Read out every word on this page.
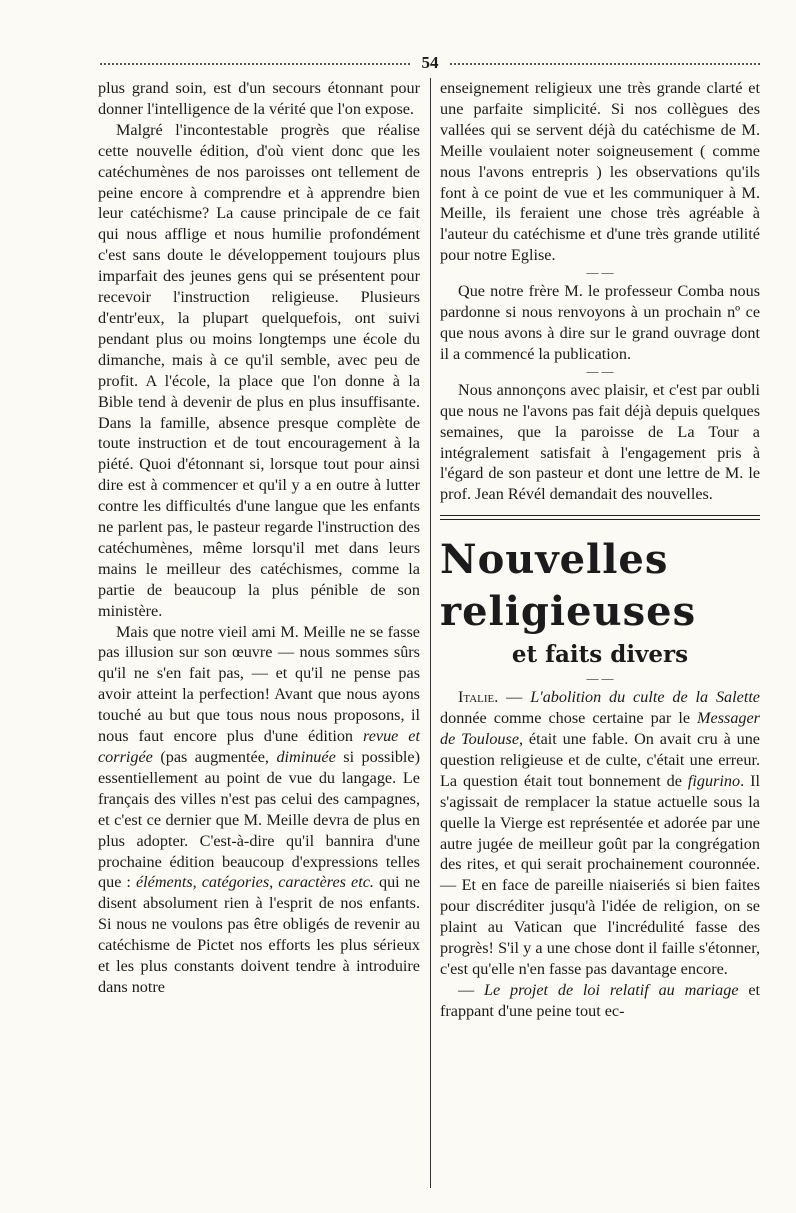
54

plus grand soin, est d'un secours étonnant pour donner l'intelligence de la vérité que l'on expose.

Malgré l'incontestable progrès que réalise cette nouvelle édition, d'où vient donc que les catéchumènes de nos paroisses ont tellement de peine encore à comprendre et à apprendre bien leur catéchisme? La cause principale de ce fait qui nous afflige et nous humilie profondément c'est sans doute le développement toujours plus imparfait des jeunes gens qui se présentent pour recevoir l'instruction religieuse. Plusieurs d'entr'eux, la plupart quelquefois, ont suivi pendant plus ou moins longtemps une école du dimanche, mais à ce qu'il semble, avec peu de profit. A l'école, la place que l'on donne à la Bible tend à devenir de plus en plus insuffisante. Dans la famille, absence presque complète de toute instruction et de tout encouragement à la piété. Quoi d'étonnant si, lorsque tout pour ainsi dire est à commencer et qu'il y a en outre à lutter contre les difficultés d'une langue que les enfants ne parlent pas, le pasteur regarde l'instruction des catéchumènes, même lorsqu'il met dans leurs mains le meilleur des catéchismes, comme la partie de beaucoup la plus pénible de son ministère.

Mais que notre vieil ami M. Meille ne se fasse pas illusion sur son œuvre — nous sommes sûrs qu'il ne s'en fait pas, — et qu'il ne pense pas avoir atteint la perfection! Avant que nous ayons touché au but que tous nous nous proposons, il nous faut encore plus d'une édition revue et corrigée (pas augmentée, diminuée si possible) essentiellement au point de vue du langage. Le français des villes n'est pas celui des campagnes, et c'est ce dernier que M. Meille devra de plus en plus adopter. C'est-à-dire qu'il bannira d'une prochaine édition beaucoup d'expressions telles que : éléments, catégories, caractères etc. qui ne disent absolument rien à l'esprit de nos enfants. Si nous ne voulons pas être obligés de revenir au catéchisme de Pictet nos efforts les plus sérieux et les plus constants doivent tendre à introduire dans notre

enseignement religieux une très grande clarté et une parfaite simplicité. Si nos collègues des vallées qui se servent déjà du catéchisme de M. Meille voulaient noter soigneusement ( comme nous l'avons entrepris ) les observations qu'ils font à ce point de vue et les communiquer à M. Meille, ils feraient une chose très agréable à l'auteur du catéchisme et d'une très grande utilité pour notre Eglise.

— —

Que notre frère M. le professeur Comba nous pardonne si nous renvoyons à un prochain nº ce que nous avons à dire sur le grand ouvrage dont il a commencé la publication.

— —

Nous annonçons avec plaisir, et c'est par oubli que nous ne l'avons pas fait déjà depuis quelques semaines, que la paroisse de La Tour a intégralement satisfait à l'engagement pris à l'égard de son pasteur et dont une lettre de M. le prof. Jean Révél demandait des nouvelles.

Nouvelles religieuses
et faits divers
— —

Italie. — L'abolition du culte de la Salette donnée comme chose certaine par le Messager de Toulouse, était une fable. On avait cru à une question religieuse et de culte, c'était une erreur. La question était tout bonnement de figurino. Il s'agissait de remplacer la statue actuelle sous la quelle la Vierge est représentée et adorée par une autre jugée de meilleur goût par la congrégation des rites, et qui serait prochainement couronnée. — Et en face de pareille niaiseriés si bien faites pour discréditer jusqu'à l'idée de religion, on se plaint au Vatican que l'incrédulité fasse des progrès! S'il y a une chose dont il faille s'étonner, c'est qu'elle n'en fasse pas davantage encore.

— Le projet de loi relatif au mariage et frappant d'une peine tout ec-
